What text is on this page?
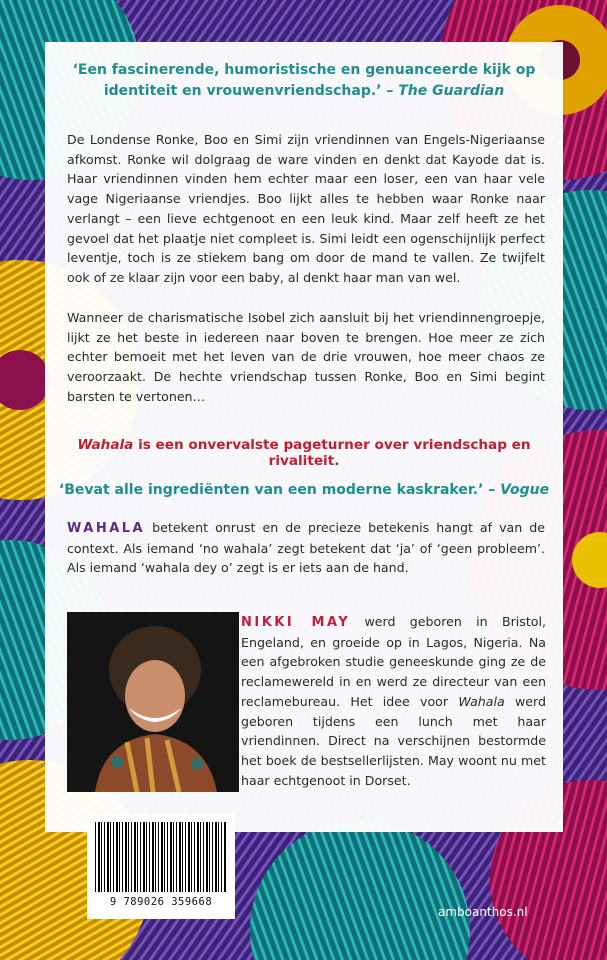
‘Een fascinerende, humoristische en genuanceerde kijk op identiteit en vrouwenvriendschap.’ – The Guardian
De Londense Ronke, Boo en Simi zijn vriendinnen van Engels-Nigeriaanse afkomst. Ronke wil dolgraag de ware vinden en denkt dat Kayode dat is. Haar vriendinnen vinden hem echter maar een loser, een van haar vele vage Nigeriaanse vriendjes. Boo lijkt alles te hebben waar Ronke naar verlangt – een lieve echtgenoot en een leuk kind. Maar zelf heeft ze het gevoel dat het plaatje niet compleet is. Simi leidt een ogenschijnlijk perfect leventje, toch is ze stiekem bang om door de mand te vallen. Ze twijfelt ook of ze klaar zijn voor een baby, al denkt haar man van wel.
Wanneer de charismatische Isobel zich aansluit bij het vriendinnengroepje, lijkt ze het beste in iedereen naar boven te brengen. Hoe meer ze zich echter bemoeit met het leven van de drie vrouwen, hoe meer chaos ze veroorzaakt. De hechte vriendschap tussen Ronke, Boo en Simi begint barsten te vertonen…
Wahala is een onvervalste pageturner over vriendschap en rivaliteit.
‘Bevat alle ingrediënten van een moderne kaskraker.’ – Vogue
WAHALA betekent onrust en de precieze betekenis hangt af van de context. Als iemand ‘no wahala’ zegt betekent dat ‘ja’ of ‘geen probleem’. Als iemand ‘wahala dey o’ zegt is er iets aan de hand.
NIKKI MAY werd geboren in Bristol, Engeland, en groeide op in Lagos, Nigeria. Na een afgebroken studie geneeskunde ging ze de reclamewereld in en werd ze directeur van een reclamebureau. Het idee voor Wahala werd geboren tijdens een lunch met haar vriendinnen. Direct na verschijnen bestormde het boek de bestsellerlijsten. May woont nu met haar echtgenoot in Dorset.
9 789026 359668
amboanthos.nl
